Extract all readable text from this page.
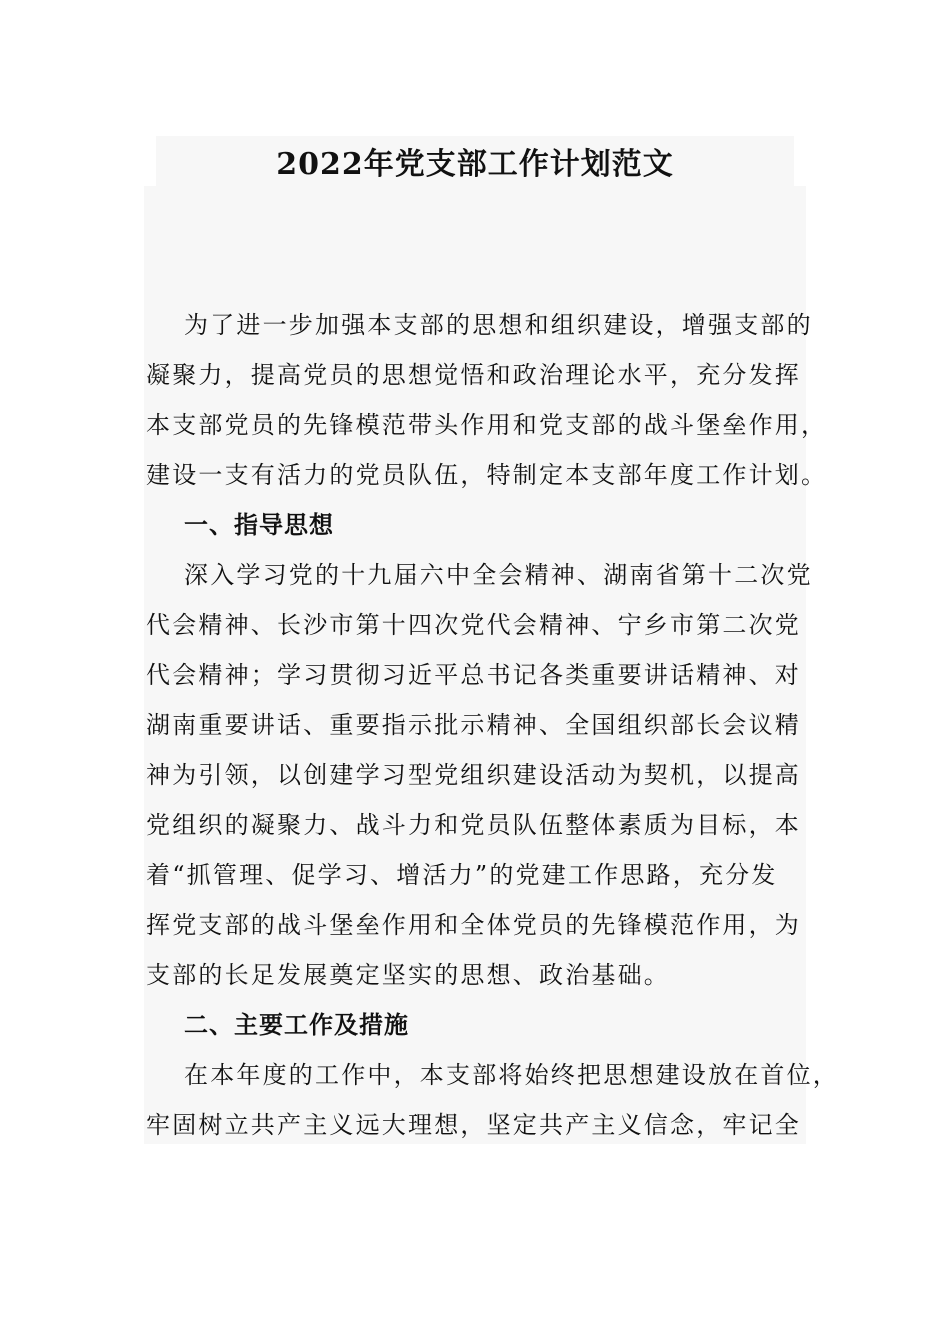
2022年党支部工作计划范文
为了进一步加强本支部的思想和组织建设，增强支部的
凝聚力，提高党员的思想觉悟和政治理论水平，充分发挥
本支部党员的先锋模范带头作用和党支部的战斗堡垒作用，
建设一支有活力的党员队伍，特制定本支部年度工作计划。
一、指导思想
深入学习党的十九届六中全会精神、湖南省第十二次党
代会精神、长沙市第十四次党代会精神、宁乡市第二次党
代会精神；学习贯彻习近平总书记各类重要讲话精神、对
湖南重要讲话、重要指示批示精神、全国组织部长会议精
神为引领，以创建学习型党组织建设活动为契机，以提高
党组织的凝聚力、战斗力和党员队伍整体素质为目标，本
着“抓管理、促学习、增活力”的党建工作思路，充分发
挥党支部的战斗堡垒作用和全体党员的先锋模范作用，为
支部的长足发展奠定坚实的思想、政治基础。
二、主要工作及措施
在本年度的工作中，本支部将始终把思想建设放在首位，
牢固树立共产主义远大理想，坚定共产主义信念，牢记全
